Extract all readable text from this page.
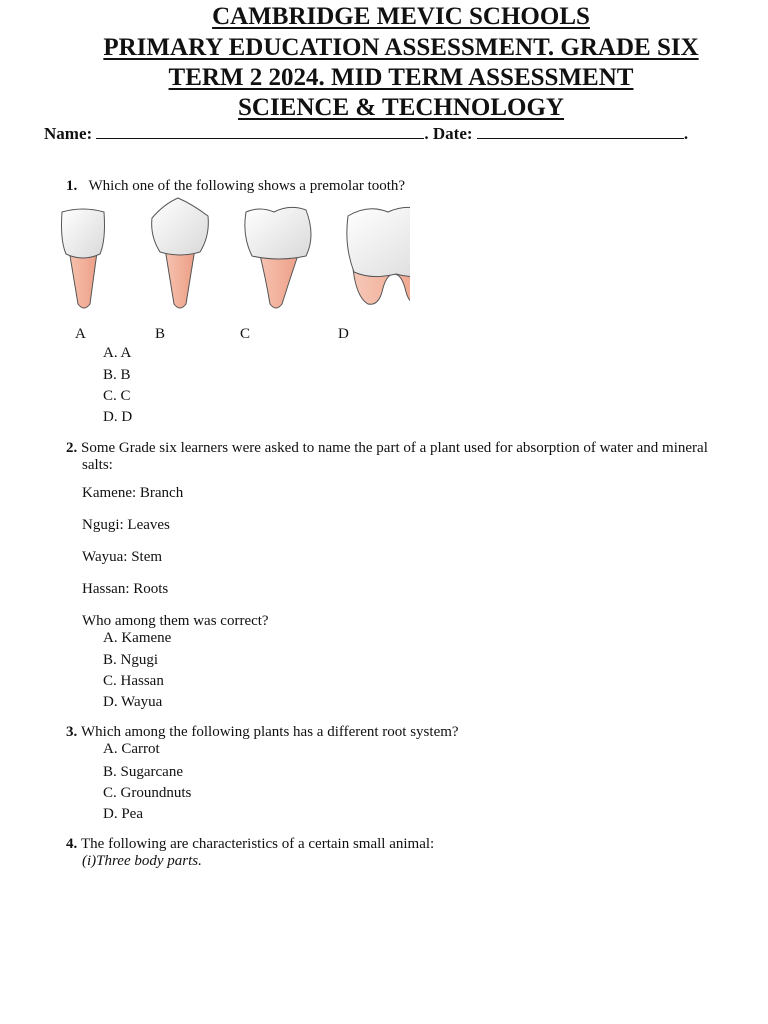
CAMBRIDGE MEVIC SCHOOLS
PRIMARY EDUCATION ASSESSMENT. GRADE SIX
TERM 2 2024. MID TERM ASSESSMENT
SCIENCE & TECHNOLOGY
Name:	. Date:	.
1. Which one of the following shows a premolar tooth?
A	B	C	D
A. A
B. B
C. C
D. D
2. Some Grade six learners were asked to name the part of a plant used for absorption of water and mineral
salts:
Kamene: Branch
Ngugi: Leaves
Wayua: Stem
Hassan: Roots
Who among them was correct?
A. Kamene
B. Ngugi
C. Hassan
D. Wayua
3. Which among the following plants has a different root system?
A. Carrot
B. Sugarcane
C. Groundnuts
D. Pea
4. The following are characteristics of a certain small animal:
(i)Three body parts.
